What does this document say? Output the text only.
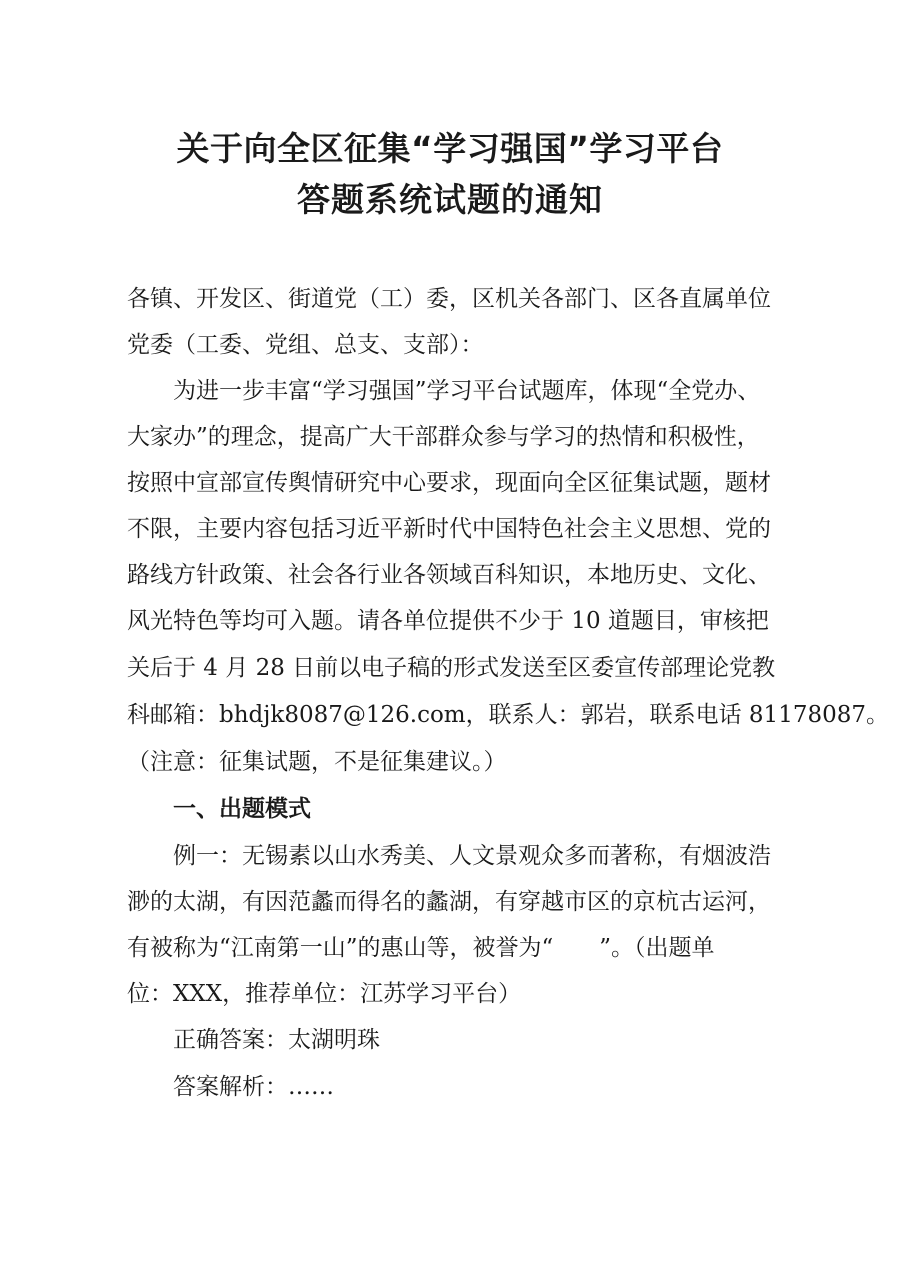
关于向全区征集“学习强国”学习平台
答题系统试题的通知
各镇、开发区、街道党（工）委，区机关各部门、区各直属单位
党委（工委、党组、总支、支部）：
为进一步丰富“学习强国”学习平台试题库，体现“全党办、
大家办”的理念，提高广大干部群众参与学习的热情和积极性，
按照中宣部宣传舆情研究中心要求，现面向全区征集试题，题材
不限，主要内容包括习近平新时代中国特色社会主义思想、党的
路线方针政策、社会各行业各领域百科知识，本地历史、文化、
风光特色等均可入题。请各单位提供不少于 10 道题目，审核把
关后于 4 月 28 日前以电子稿的形式发送至区委宣传部理论党教
科邮箱：bhdjk8087@126.com，联系人：郭岩，联系电话 81178087。
（注意：征集试题，不是征集建议。）
一、出题模式
例一：无锡素以山水秀美、人文景观众多而著称，有烟波浩
渺的太湖，有因范蠡而得名的蠡湖，有穿越市区的京杭古运河，
有被称为“江南第一山”的惠山等，被誉为“　　”。（出题单
位：XXX，推荐单位：江苏学习平台）
正确答案：太湖明珠
答案解析：……
